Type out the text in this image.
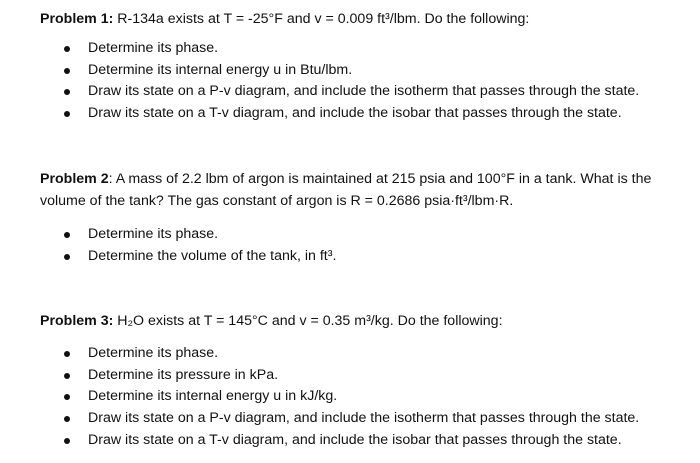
Problem 1: R-134a exists at T = -25°F and v = 0.009 ft³/lbm. Do the following:

Determine its phase.
Determine its internal energy u in Btu/lbm.
Draw its state on a P-v diagram, and include the isotherm that passes through the state.
Draw its state on a T-v diagram, and include the isobar that passes through the state.

Problem 2: A mass of 2.2 lbm of argon is maintained at 215 psia and 100°F in a tank. What is the volume of the tank? The gas constant of argon is R = 0.2686 psia·ft³/lbm·R.

Determine its phase.
Determine the volume of the tank, in ft³.

Problem 3: H₂O exists at T = 145°C and v = 0.35 m³/kg. Do the following:

Determine its phase.
Determine its pressure in kPa.
Determine its internal energy u in kJ/kg.
Draw its state on a P-v diagram, and include the isotherm that passes through the state.
Draw its state on a T-v diagram, and include the isobar that passes through the state.
